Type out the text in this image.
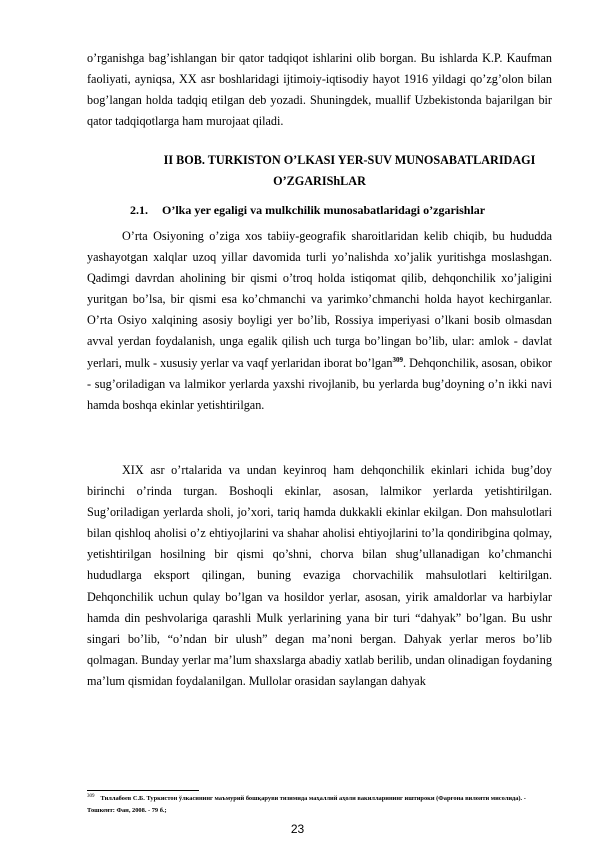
o’rganishga bag’ishlangan bir qator tadqiqot ishlarini olib borgan. Bu ishlarda K.P. Kaufman faoliyati, ayniqsa, XX asr boshlaridagi ijtimoiy-iqtisodiy hayot 1916 yildagi qo’zg’olon bilan bog’langan holda tadqiq etilgan deb yozadi. Shuningdek, muallif Uzbekistonda bajarilgan bir qator tadqiqotlarga ham murojaat qiladi.

II BOB. TURKISTON O’LKASI YER-SUV MUNOSABATLARIDAGI
O’ZGARIShLAR
2.1. O’lka yer egaligi va mulkchilik munosabatlaridagi o’zgarishlar

O’rta Osiyoning o’ziga xos tabiiy-geografik sharoitlaridan kelib chiqib, bu hududda yashayotgan xalqlar uzoq yillar davomida turli yo’nalishda xo’jalik yuritishga moslashgan. Qadimgi davrdan aholining bir qismi o’troq holda istiqomat qilib, dehqonchilik xo’jaligini yuritgan bo’lsa, bir qismi esa ko’chmanchi va yarimko’chmanchi holda hayot kechirganlar. O’rta Osiyo xalqining asosiy boyligi yer bo’lib, Rossiya imperiyasi o’lkani bosib olmasdan avval yerdan foydalanish, unga egalik qilish uch turga bo’lingan bo’lib, ular: amlok - davlat yerlari, mulk - xususiy yerlar va vaqf yerlaridan iborat bo’lgan$^{309}$. Dehqonchilik, asosan, obikor - sug’oriladigan va lalmikor yerlarda yaxshi rivojlanib, bu yerlarda bug’doyning o’n ikki navi hamda boshqa ekinlar yetishtirilgan.

XIX asr o’rtalarida va undan keyinroq ham dehqonchilik ekinlari ichida bug’doy birinchi o’rinda turgan. Boshoqli ekinlar, asosan, lalmikor yerlarda yetishtirilgan. Sug’oriladigan yerlarda sholi, jo’xori, tariq hamda dukkakli ekinlar ekilgan. Don mahsulotlari bilan qishloq aholisi o’z ehtiyojlarini va shahar aholisi ehtiyojlarini to’la qondiribgina qolmay, yetishtirilgan hosilning bir qismi qo’shni, chorva bilan shug’ullanadigan ko’chmanchi hududlarga eksport qilingan, buning evaziga chorvachilik mahsulotlari keltirilgan. Dehqonchilik uchun qulay bo’lgan va hosildor yerlar, asosan, yirik amaldorlar va harbiylar hamda din peshvolariga qarashli Mulk yerlarining yana bir turi “dahyak” bo’lgan. Bu ushr singari bo’lib, “o’ndan bir ulush” degan ma’noni bergan. Dahyak yerlar meros bo’lib qolmagan. Bunday yerlar ma’lum shaxslarga abadiy xatlab berilib, undan olinadigan foydaning ma’lum qismidan foydalanilgan. Mullolar orasidan saylangan dahyak

$^{309}$ Тиллабоев С.Б. Туркистон ўлкасининг маъмурий бошқаруви тизимида маҳаллий аҳоли вакилларининг иштироки (Фарғона вилояти мисолида). - Тошкент: Фан, 2008. - 79 б.;
23
